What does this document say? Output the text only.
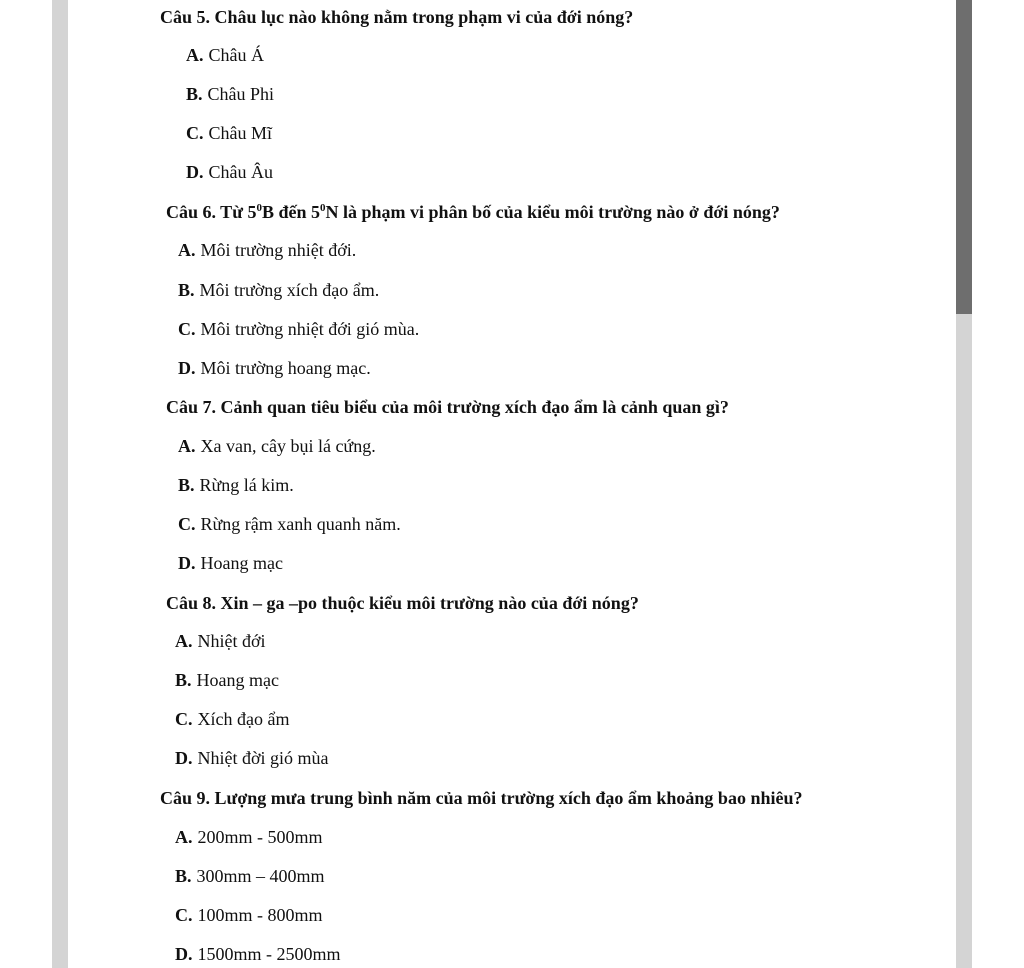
Câu 5. Châu lục nào không nằm trong phạm vi của đới nóng?

A. Châu Á

B. Châu Phi

C. Châu Mĩ

D. Châu Âu

Câu 6. Từ $5^0B$ đến $5^0N$ là phạm vi phân bố của kiểu môi trường nào ở đới nóng?

A. Môi trường nhiệt đới.

B. Môi trường xích đạo ẩm.

C. Môi trường nhiệt đới gió mùa.

D. Môi trường hoang mạc.

Câu 7. Cảnh quan tiêu biểu của môi trường xích đạo ẩm là cảnh quan gì?

A. Xa van, cây bụi lá cứng.

B. Rừng lá kim.

C. Rừng rậm xanh quanh năm.

D. Hoang mạc

Câu 8. Xin – ga –po thuộc kiểu môi trường nào của đới nóng?

A. Nhiệt đới

B. Hoang mạc

C. Xích đạo ẩm

D. Nhiệt đời gió mùa

Câu 9. Lượng mưa trung bình năm của môi trường xích đạo ẩm khoảng bao nhiêu?

A. 200mm - 500mm

B. 300mm – 400mm

C. 100mm - 800mm

D. 1500mm - 2500mm
